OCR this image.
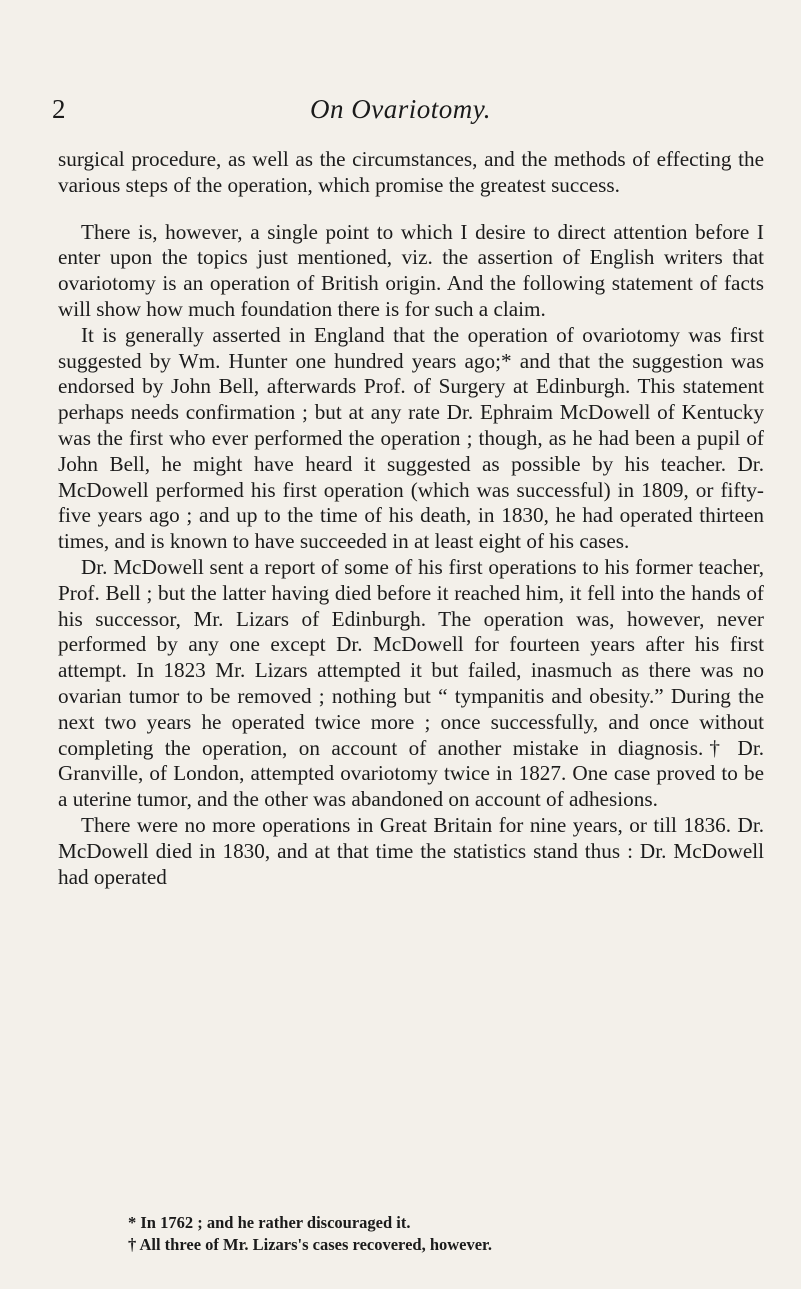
2	On Ovariotomy.

surgical procedure, as well as the circumstances, and the methods of effecting the various steps of the operation, which promise the greatest success.

There is, however, a single point to which I desire to direct attention before I enter upon the topics just mentioned, viz. the assertion of English writers that ovariotomy is an operation of British origin. And the following statement of facts will show how much foundation there is for such a claim.

It is generally asserted in England that the operation of ovariotomy was first suggested by Wm. Hunter one hundred years ago;* and that the suggestion was endorsed by John Bell, afterwards Prof. of Surgery at Edinburgh. This statement perhaps needs confirmation ; but at any rate Dr. Ephraim McDowell of Kentucky was the first who ever performed the operation ; though, as he had been a pupil of John Bell, he might have heard it suggested as possible by his teacher. Dr. McDowell performed his first operation (which was successful) in 1809, or fifty-five years ago ; and up to the time of his death, in 1830, he had operated thirteen times, and is known to have succeeded in at least eight of his cases.

Dr. McDowell sent a report of some of his first operations to his former teacher, Prof. Bell ; but the latter having died before it reached him, it fell into the hands of his successor, Mr. Lizars of Edinburgh. The operation was, however, never performed by any one except Dr. McDowell for fourteen years after his first attempt. In 1823 Mr. Lizars attempted it but failed, inasmuch as there was no ovarian tumor to be removed ; nothing but “ tympanitis and obesity.” During the next two years he operated twice more ; once successfully, and once without completing the operation, on account of another mistake in diagnosis.† Dr. Granville, of London, attempted ovariotomy twice in 1827. One case proved to be a uterine tumor, and the other was abandoned on account of adhesions.

There were no more operations in Great Britain for nine years, or till 1836. Dr. McDowell died in 1830, and at that time the statistics stand thus : Dr. McDowell had operated

* In 1762 ; and he rather discouraged it.
† All three of Mr. Lizars's cases recovered, however.
